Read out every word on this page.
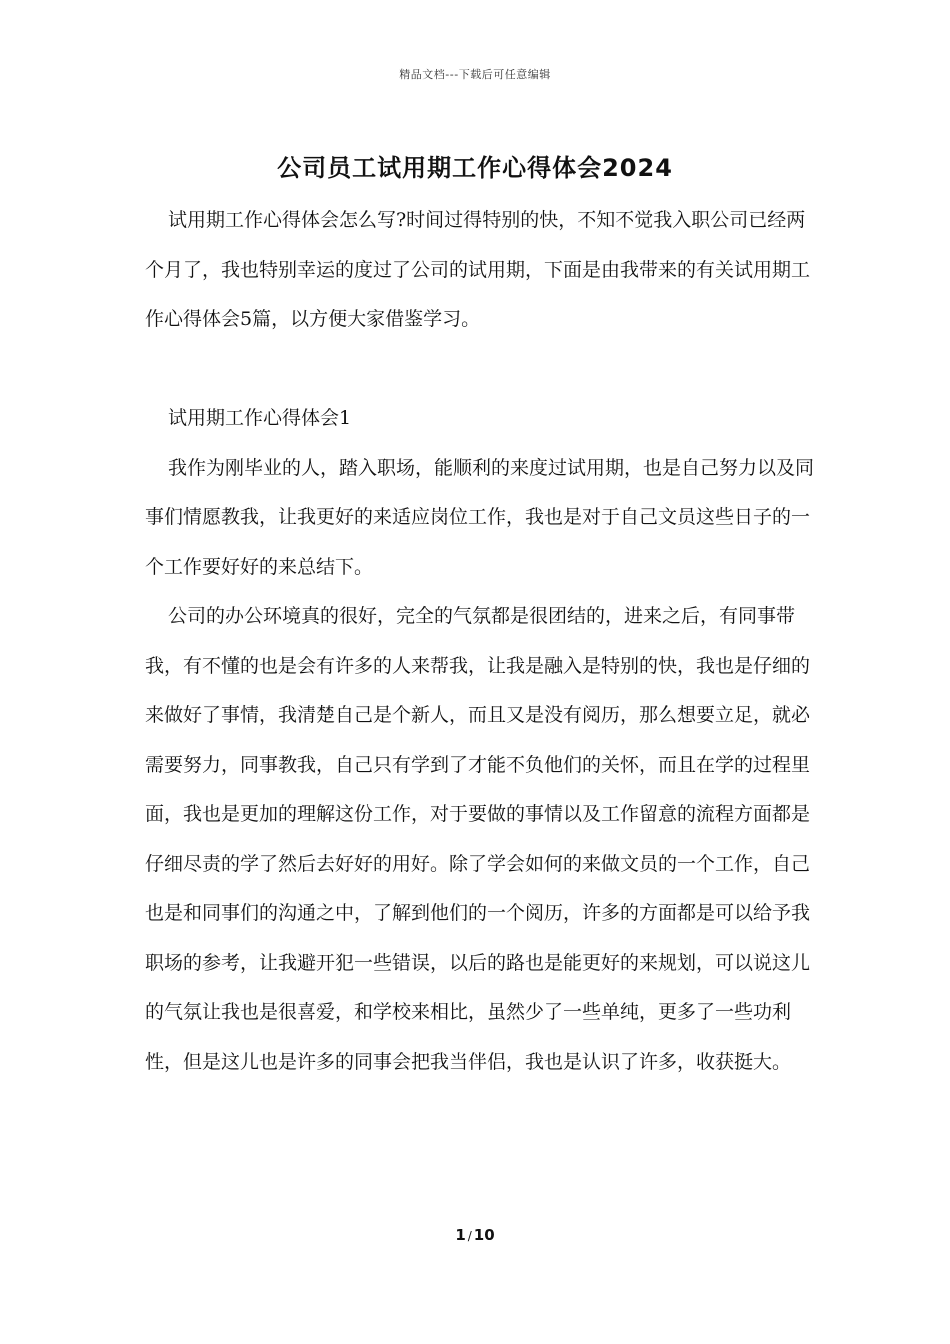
精品文档---下载后可任意编辑
公司员工试用期工作心得体会2024

试用期工作心得体会怎么写?时间过得特别的快，不知不觉我入职公司已经两个月了，我也特别幸运的度过了公司的试用期，下面是由我带来的有关试用期工作心得体会5篇，以方便大家借鉴学习。

试用期工作心得体会1

我作为刚毕业的人，踏入职场，能顺利的来度过试用期，也是自己努力以及同事们情愿教我，让我更好的来适应岗位工作，我也是对于自己文员这些日子的一个工作要好好的来总结下。

公司的办公环境真的很好，完全的气氛都是很团结的，进来之后，有同事带我，有不懂的也是会有许多的人来帮我，让我是融入是特别的快，我也是仔细的来做好了事情，我清楚自己是个新人，而且又是没有阅历，那么想要立足，就必需要努力，同事教我，自己只有学到了才能不负他们的关怀，而且在学的过程里面，我也是更加的理解这份工作，对于要做的事情以及工作留意的流程方面都是仔细尽责的学了然后去好好的用好。除了学会如何的来做文员的一个工作，自己也是和同事们的沟通之中，了解到他们的一个阅历，许多的方面都是可以给予我职场的参考，让我避开犯一些错误，以后的路也是能更好的来规划，可以说这儿的气氛让我也是很喜爱，和学校来相比，虽然少了一些单纯，更多了一些功利性，但是这儿也是许多的同事会把我当伴侣，我也是认识了许多，收获挺大。

1 / 10
